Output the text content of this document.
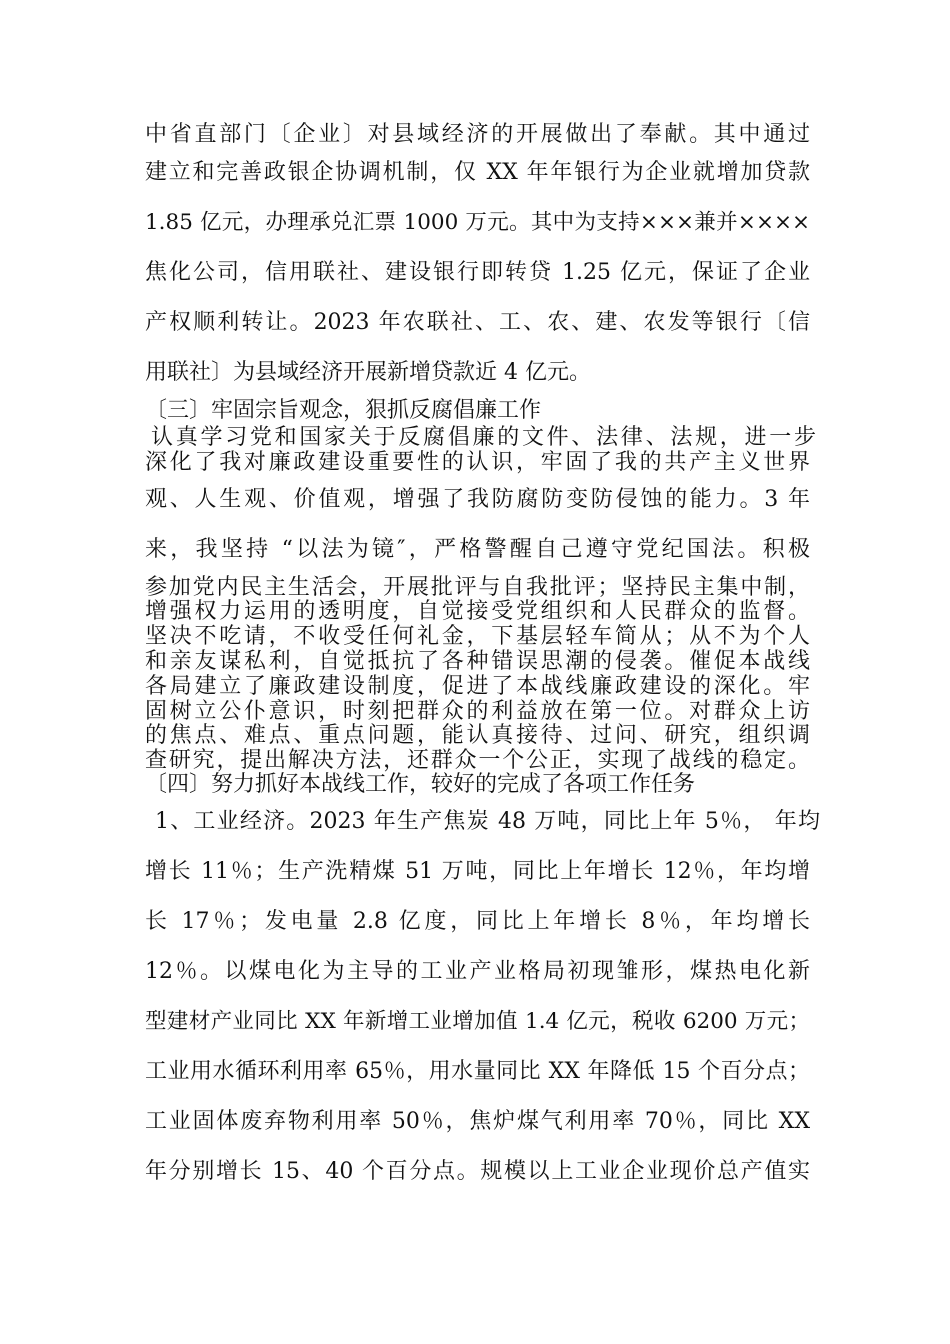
中省直部门〔企业〕对县域经济的开展做出了奉献。其中通过
建立和完善政银企协调机制，仅 XX 年年银行为企业就增加贷款
1.85 亿元，办理承兑汇票 1000 万元。其中为支持×××兼并××××
焦化公司，信用联社、建设银行即转贷 1.25 亿元，保证了企业
产权顺利转让。2023 年农联社、工、农、建、农发等银行〔信
用联社〕为县域经济开展新增贷款近 4 亿元。
〔三〕牢固宗旨观念，狠抓反腐倡廉工作
认真学习党和国家关于反腐倡廉的文件、法律、法规，进一步
深化了我对廉政建设重要性的认识，牢固了我的共产主义世界
观、人生观、价值观，增强了我防腐防变防侵蚀的能力。3 年
来，我坚持 “以法为镜″，严格警醒自己遵守党纪国法。积极
参加党内民主生活会，开展批评与自我批评；坚持民主集中制，
增强权力运用的透明度，自觉接受党组织和人民群众的监督。
坚决不吃请，不收受任何礼金，下基层轻车简从；从不为个人
和亲友谋私利，自觉抵抗了各种错误思潮的侵袭。催促本战线
各局建立了廉政建设制度，促进了本战线廉政建设的深化。牢
固树立公仆意识，时刻把群众的利益放在第一位。对群众上访
的焦点、难点、重点问题，能认真接待、过问、研究，组织调
查研究，提出解决方法，还群众一个公正，实现了战线的稳定。
〔四〕努力抓好本战线工作，较好的完成了各项工作任务
1、工业经济。2023 年生产焦炭 48 万吨，同比上年 5％， 年均
增长 11％；生产洗精煤 51 万吨，同比上年增长 12％，年均增
长 17％；发电量 2.8 亿度，同比上年增长 8％，年均增长
12％。以煤电化为主导的工业产业格局初现雏形，煤热电化新
型建材产业同比 XX 年新增工业增加值 1.4 亿元，税收 6200 万元；
工业用水循环利用率 65％，用水量同比 XX 年降低 15 个百分点；
工业固体废弃物利用率 50％，焦炉煤气利用率 70％，同比 XX
年分别增长 15、40 个百分点。规模以上工业企业现价总产值实
